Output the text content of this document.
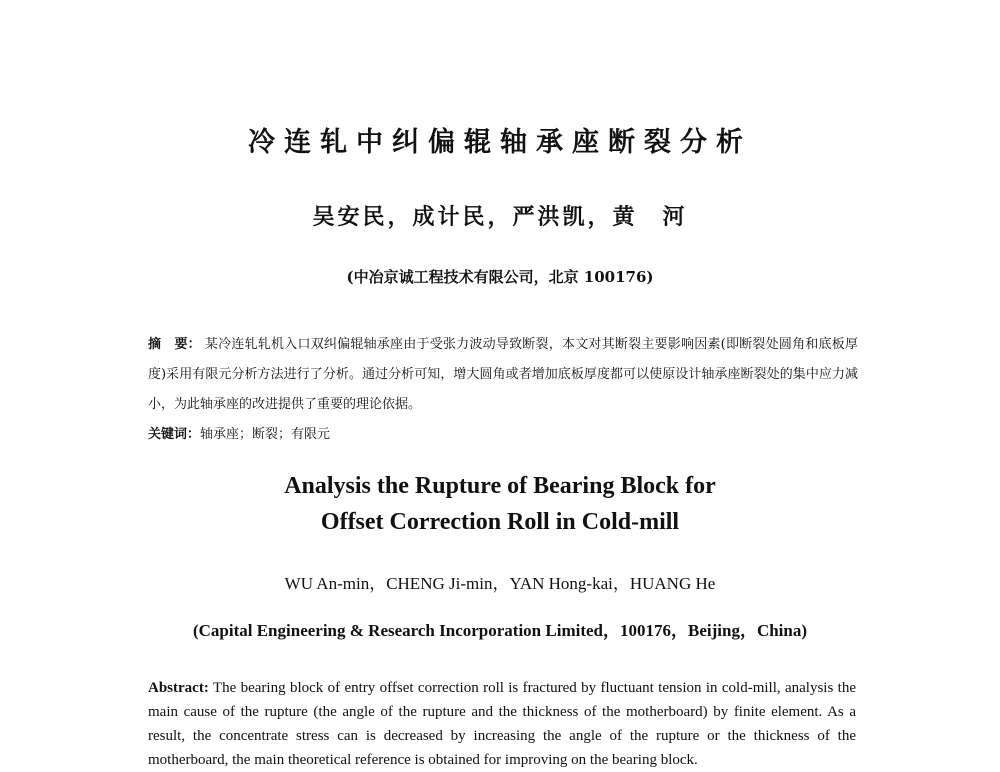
冷连轧中纠偏辊轴承座断裂分析

吴安民，成计民，严洪凯，黄　河

(中冶京诚工程技术有限公司，北京 100176)

摘　要： 某冷连轧轧机入口双纠偏辊轴承座由于受张力波动导致断裂，本文对其断裂主要影响因素(即断裂处圆角和底板厚度)采用有限元分析方法进行了分析。通过分析可知，增大圆角或者增加底板厚度都可以使原设计轴承座断裂处的集中应力减小，为此轴承座的改进提供了重要的理论依据。

关键词：轴承座；断裂；有限元

Analysis the Rupture of Bearing Block for
Offset Correction Roll in Cold-mill

WU An-min，CHENG Ji-min，YAN Hong-kai，HUANG He

(Capital Engineering & Research Incorporation Limited，100176，Beijing，China)

Abstract: The bearing block of entry offset correction roll is fractured by fluctuant tension in cold-mill, analysis the main cause of the rupture (the angle of the rupture and the thickness of the motherboard) by finite element. As a result, the concentrate stress can is decreased by increasing the angle of the rupture or the thickness of the motherboard, the main theoretical reference is obtained for improving on the bearing block.
